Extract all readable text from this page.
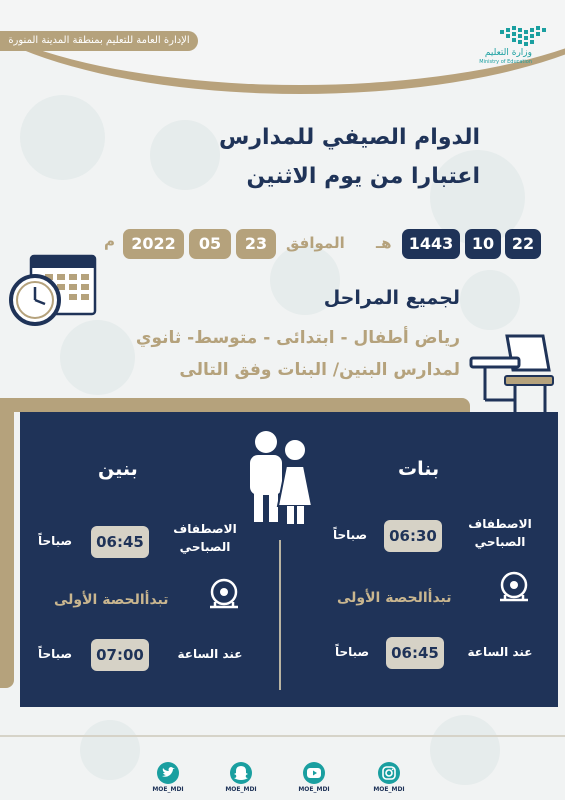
الإدارة العامة للتعليم بمنطقة المدينة المنورة
وزارة التعليم
Ministry of Education
الدوام الصيفي للمدارس
اعتبارا من يوم الاثنين
22
10
1443
هـ
الموافق
23
05
2022
م
لجميع المراحل
رياض أطفال - ابتدائى - متوسط- ثانوي
لمدارس البنين/ البنات وفق التالى
بنات
الاصطفاف
الصباحي
06:30
صباحاً
تبدأالحصة الأولى
عند الساعة
06:45
صباحاً
بنين
الاصطفاف
الصباحي
06:45
صباحاً
تبدأالحصة الأولى
عند الساعة
07:00
صباحاً
MOE_MDI	MOE_MDI	MOE_MDI	MOE_MDI
